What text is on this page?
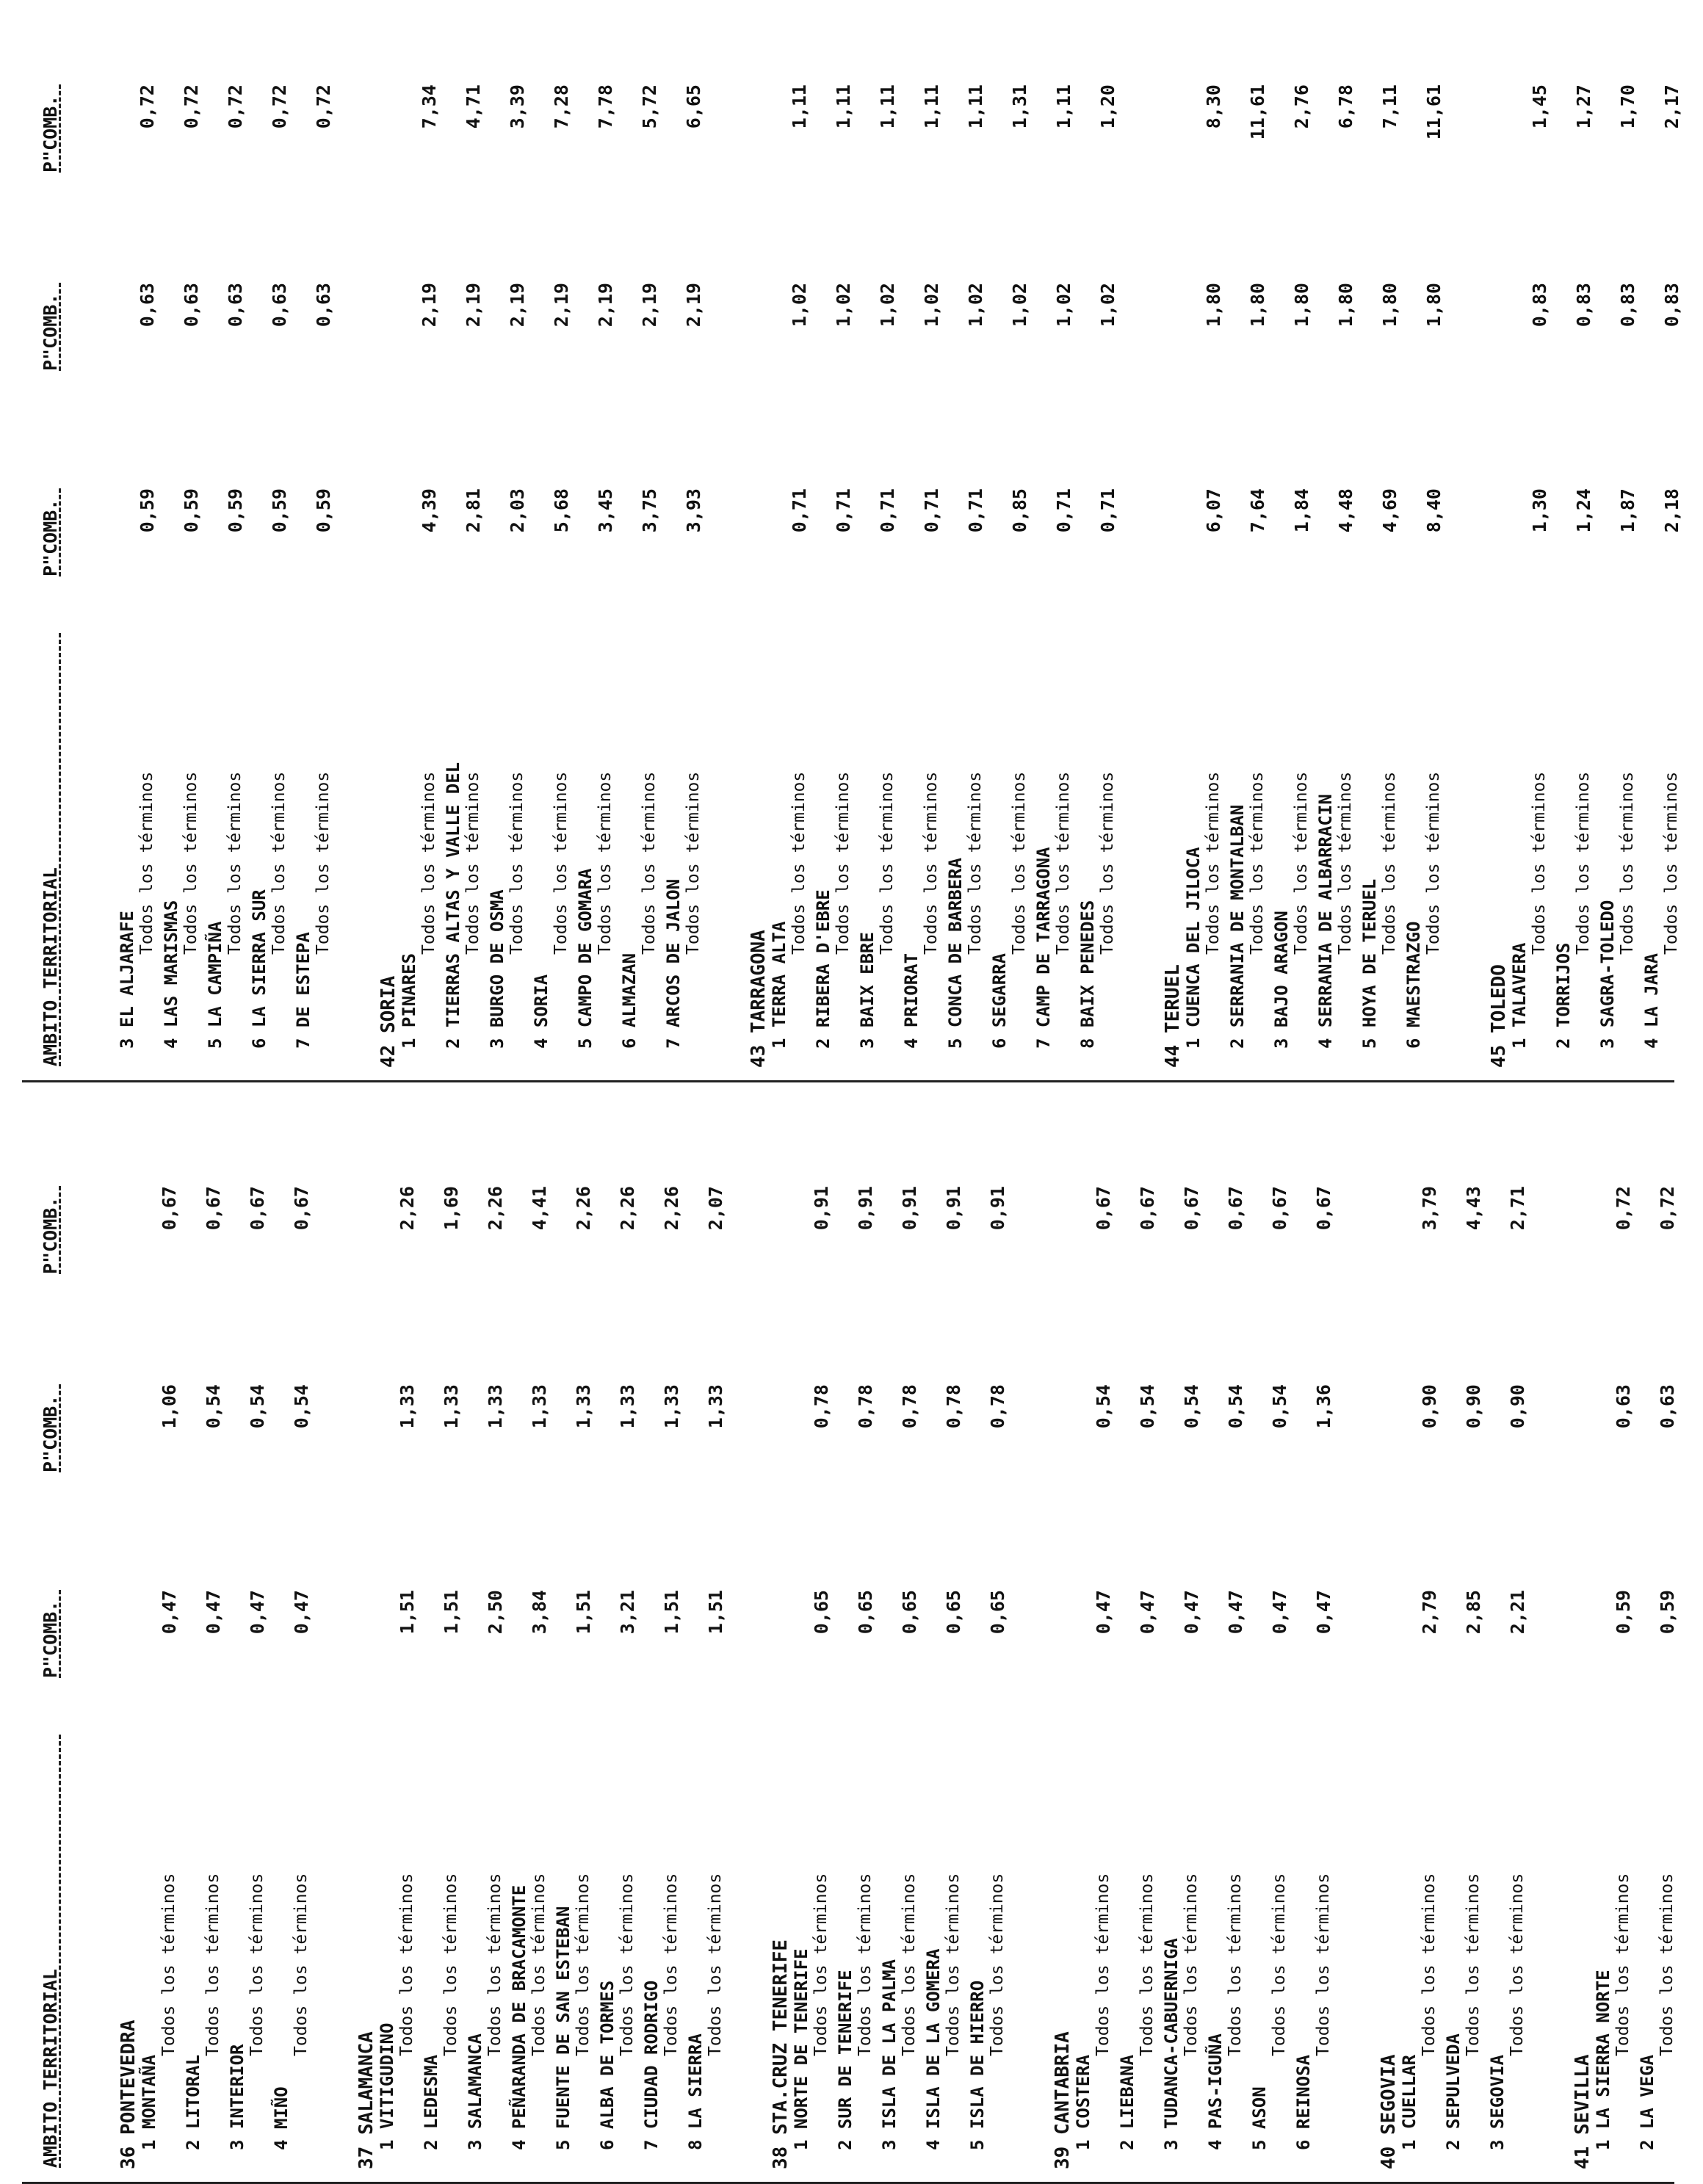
AMBITO TERRITORIAL
P"COMB.
P"COMB.
P"COMB.
36 PONTEVEDRA 1 MONTAÑA
Todos los términos
0,47
1,06
0,67
2 LITORAL
Todos los términos
0,47
0,54
0,67
3 INTERIOR
Todos los términos
0,47
0,54
0,67
4 MIÑO
Todos los términos
0,47
0,54
0,67
37 SALAMANCA 1 VITIGUDINO
Todos los términos
1,51
1,33
2,26
2 LEDESMA
Todos los términos
1,51
1,33
1,69
3 SALAMANCA
Todos los términos
2,50
1,33
2,26
4 PEÑARANDA DE BRACAMONTE Todos los términos
3,84
1,33
4,41
5 FUENTE DE SAN ESTEBAN Todos los términos
1,51
1,33
2,26
6 ALBA DE TORMES
Todos los términos
3,21
1,33
2,26
7 CIUDAD RODRIGO
Todos los términos
1,51
1,33
2,26
8 LA SIERRA
Todos los términos
1,51
1,33
2,07
38 STA.CRUZ TENERIFE 1 NORTE DE TENERIFE Todos los términos
0,65
0,78
0,91
2 SUR DE TENERIFE
Todos los términos
0,65
0,78
0,91
3 ISLA DE LA PALMA Todos los términos
0,65
0,78
0,91
4 ISLA DE LA GOMERA Todos los términos
0,65
0,78
0,91
5 ISLA DE HIERRO
Todos los términos
0,65
0,78
0,91
39 CANTABRIA 1 COSTERA
Todos los términos
0,47
0,54
0,67
2 LIEBANA
Todos los términos
0,47
0,54
0,67
3 TUDANCA-CABUERNIGA Todos los términos
0,47
0,54
0,67
4 PAS-IGUÑA
Todos los términos
0,47
0,54
0,67
5 ASON
Todos los términos
0,47
0,54
0,67
6 REINOSA
Todos los términos
0,47
1,36
0,67
40 SEGOVIA 1 CUELLAR
Todos los términos
2,79
0,90
3,79
2 SEPULVEDA
Todos los términos
2,85
0,90
4,43
3 SEGOVIA
Todos los términos
2,21
0,90
2,71
41 SEVILLA 1 LA SIERRA NORTE
Todos los términos
0,59
0,63
0,72
2 LA VEGA
Todos los términos
0,59
0,63
0,72
AMBITO TERRITORIAL
P"COMB.
P"COMB.
P"COMB.
3 EL ALJARAFE
Todos los términos
0,59
0,63
0,72
4 LAS MARISMAS
Todos los términos
0,59
0,63
0,72
5 LA CAMPIÑA
Todos los términos
0,59
0,63
0,72
6 LA SIERRA SUR
Todos los términos
0,59
0,63
0,72
7 DE ESTEPA
Todos los términos
0,59
0,63
0,72
42 SORIA 1 PINARES
Todos los términos
4,39
2,19
7,34
2 TIERRAS ALTAS Y VALLE DEL Todos los términos
2,81
2,19
4,71
3 BURGO DE OSMA
Todos los términos
2,03
2,19
3,39
4 SORIA
Todos los términos
5,68
2,19
7,28
5 CAMPO DE GOMARA
Todos los términos
3,45
2,19
7,78
6 ALMAZAN
Todos los términos
3,75
2,19
5,72
7 ARCOS DE JALON
Todos los términos
3,93
2,19
6,65
43 TARRAGONA 1 TERRA ALTA
Todos los términos
0,71
1,02
1,11
2 RIBERA D'EBRE
Todos los términos
0,71
1,02
1,11
3 BAIX EBRE
Todos los términos
0,71
1,02
1,11
4 PRIORAT
Todos los términos
0,71
1,02
1,11
5 CONCA DE BARBERA Todos los términos
0,71
1,02
1,11
6 SEGARRA
Todos los términos
0,85
1,02
1,31
7 CAMP DE TARRAGONA Todos los términos
0,71
1,02
1,11
8 BAIX PENEDES
Todos los términos
0,71
1,02
1,20
44 TERUEL 1 CUENCA DEL JILOCA Todos los términos
6,07
1,80
8,30
2 SERRANIA DE MONTALBAN Todos los términos
7,64
1,80
11,61
3 BAJO ARAGON
Todos los términos
1,84
1,80
2,76
4 SERRANIA DE ALBARRACIN Todos los términos
4,48
1,80
6,78
5 HOYA DE TERUEL
Todos los términos
4,69
1,80
7,11
6 MAESTRAZGO
Todos los términos
8,40
1,80
11,61
45 TOLEDO 1 TALAVERA
Todos los términos
1,30
0,83
1,45
2 TORRIJOS
Todos los términos
1,24
0,83
1,27
3 SAGRA-TOLEDO
Todos los términos
1,87
0,83
1,70
4 LA JARA
Todos los términos
2,18
0,83
2,17
